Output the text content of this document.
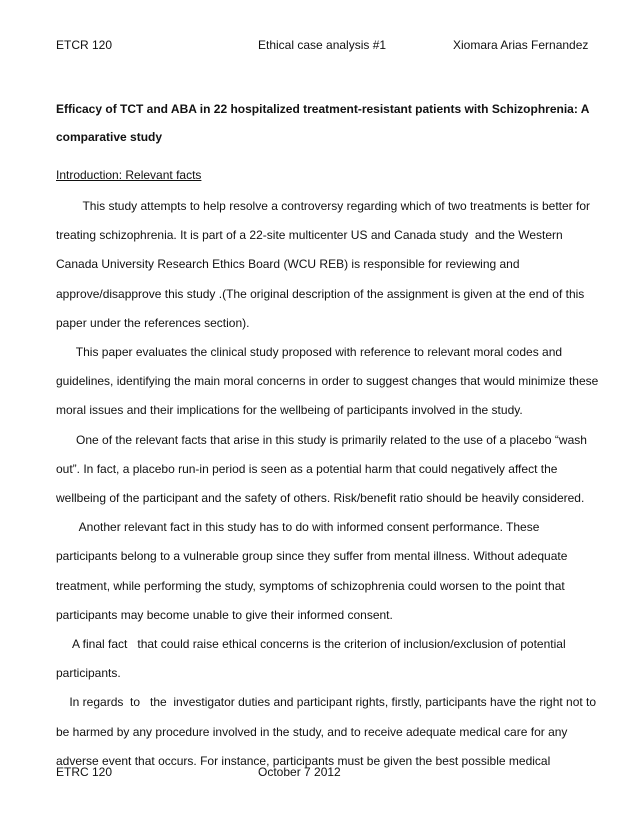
ETCR 120	Ethical case analysis #1	Xiomara Arias Fernandez
Efficacy of TCT and ABA in 22 hospitalized treatment-resistant patients with Schizophrenia: A comparative study
Introduction: Relevant facts
This study attempts to help resolve a controversy regarding which of two treatments is better for
treating schizophrenia. It is part of a 22-site multicenter US and Canada study  and the Western
Canada University Research Ethics Board (WCU REB) is responsible for reviewing and
approve/disapprove this study .(The original description of the assignment is given at the end of this
paper under the references section).
This paper evaluates the clinical study proposed with reference to relevant moral codes and
guidelines, identifying the main moral concerns in order to suggest changes that would minimize these
moral issues and their implications for the wellbeing of participants involved in the study.
One of the relevant facts that arise in this study is primarily related to the use of a placebo “wash
out”. In fact, a placebo run-in period is seen as a potential harm that could negatively affect the
wellbeing of the participant and the safety of others. Risk/benefit ratio should be heavily considered.
Another relevant fact in this study has to do with informed consent performance. These
participants belong to a vulnerable group since they suffer from mental illness. Without adequate
treatment, while performing the study, symptoms of schizophrenia could worsen to the point that
participants may become unable to give their informed consent.
A final fact   that could raise ethical concerns is the criterion of inclusion/exclusion of potential
participants.
In regards  to   the  investigator duties and participant rights, firstly, participants have the right not to
be harmed by any procedure involved in the study, and to receive adequate medical care for any
adverse event that occurs. For instance, participants must be given the best possible medical
ETRC 120	October 7 2012
